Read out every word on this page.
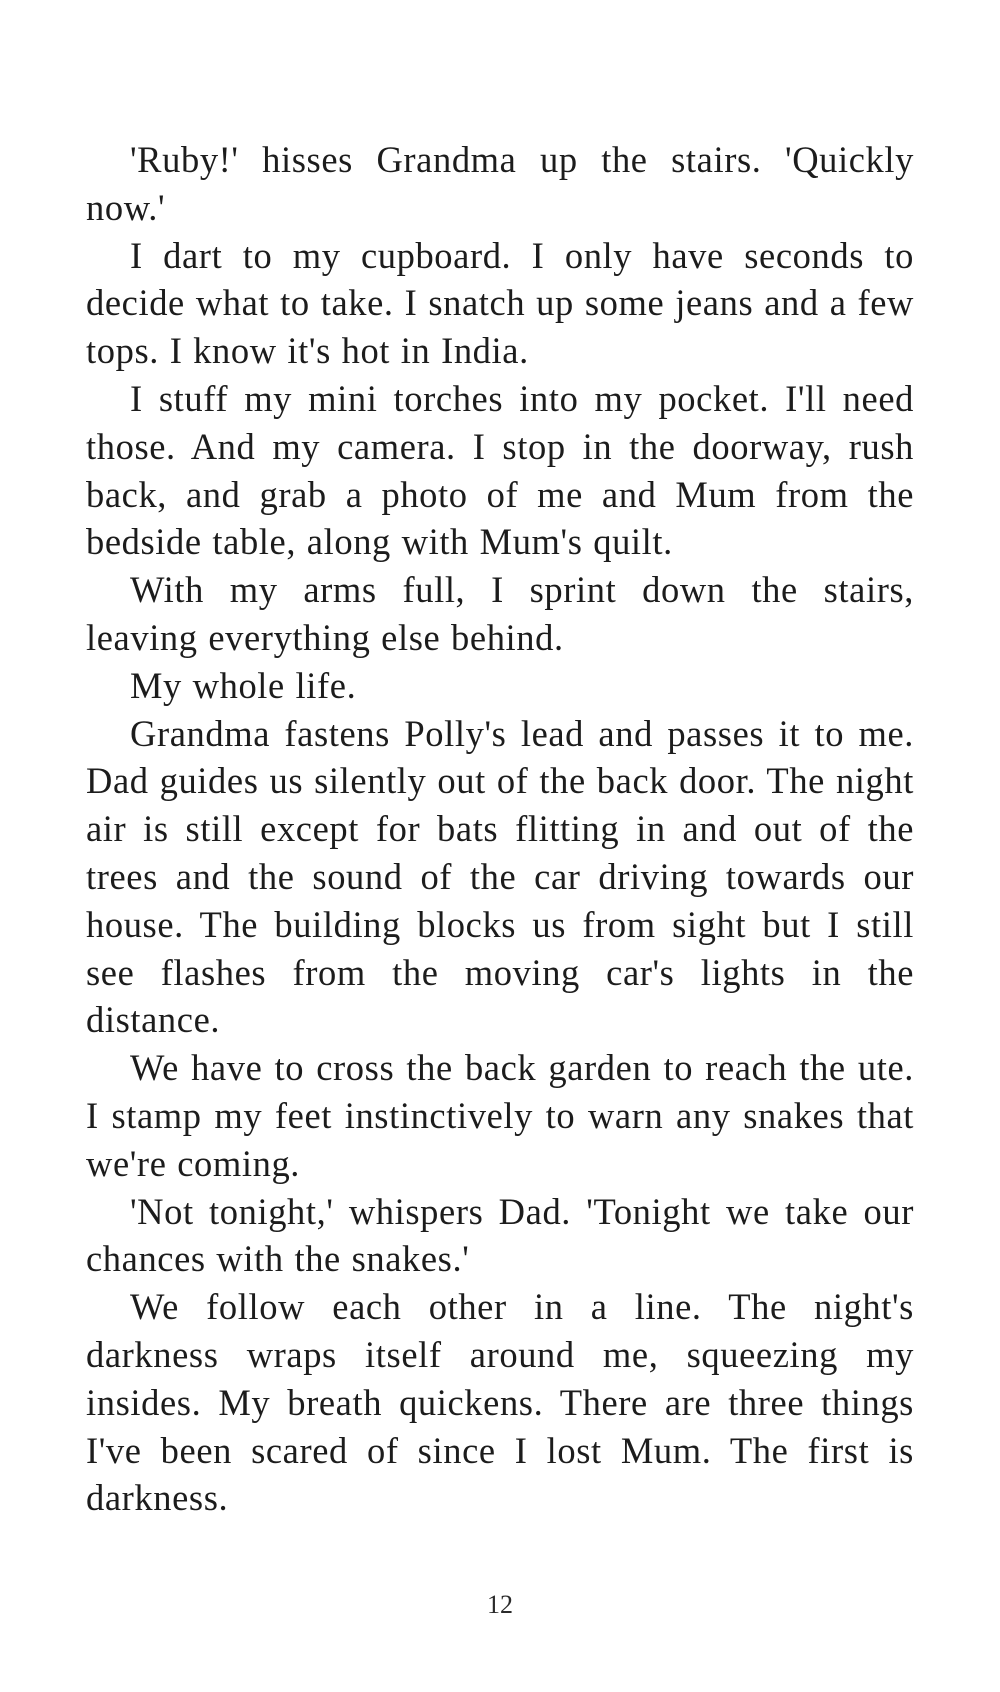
'Ruby!' hisses Grandma up the stairs. 'Quickly now.'

I dart to my cupboard. I only have seconds to decide what to take. I snatch up some jeans and a few tops. I know it's hot in India.

I stuff my mini torches into my pocket. I'll need those. And my camera. I stop in the doorway, rush back, and grab a photo of me and Mum from the bedside table, along with Mum's quilt.

With my arms full, I sprint down the stairs, leaving everything else behind.

My whole life.

Grandma fastens Polly's lead and passes it to me. Dad guides us silently out of the back door. The night air is still except for bats flitting in and out of the trees and the sound of the car driving towards our house. The building blocks us from sight but I still see flashes from the moving car's lights in the distance.

We have to cross the back garden to reach the ute. I stamp my feet instinctively to warn any snakes that we're coming.

'Not tonight,' whispers Dad. 'Tonight we take our chances with the snakes.'

We follow each other in a line. The night's darkness wraps itself around me, squeezing my insides. My breath quickens. There are three things I've been scared of since I lost Mum. The first is darkness.

12
